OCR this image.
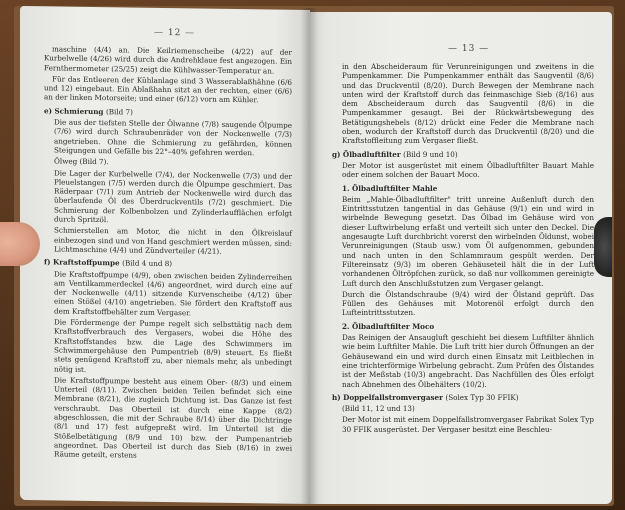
— 12 —

maschine (4/4) an. Die Keilriemenscheibe (4/22) auf der Kurbelwelle (4/26) wird durch die Andrehklaue fest angezogen. Ein Fernthermometer (25/25) zeigt die Kühlwasser-Temperatur an.

Für das Entleeren der Kühlanlage sind 3 Wasserablaßhähne (6/6 und 12) eingebaut. Ein Ablaßhahn sitzt an der rechten, einer (6/6) an der linken Motorseite; und einer (6/12) vorn am Kühler.

e) Schmierung (Bild 7)

Die aus der tiefsten Stelle der Ölwanne (7/8) saugende Ölpumpe (7/6) wird durch Schraubenräder von der Nockenwelle (7/3) angetrieben. Ohne die Schmierung zu gefährden, können Steigungen und Gefälle bis 22°–40% gefahren werden.

Ölweg (Bild 7).

Die Lager der Kurbelwelle (7/4), der Nockenwelle (7/3) und der Pleuelstangen (7/5) werden durch die Ölpumpe geschmiert. Das Räderpaar (7/1) zum Antrieb der Nockenwelle wird durch das überlaufende Öl des Überdruckventils (7/2) geschmiert. Die Schmierung der Kolbenbolzen und Zylinderlaufflächen erfolgt durch Spritzöl.

Schmierstellen am Motor, die nicht in den Ölkreislauf einbezogen sind und von Hand geschmiert werden müssen, sind: Lichtmaschine (4/4) und Zündverteiler (4/21).

f) Kraftstoffpumpe (Bild 4 und 8)

Die Kraftstoffpumpe (4/9), oben zwischen beiden Zylinderreihen am Ventilkammerdeckel (4/6) angeordnet, wird durch eine auf der Nockenwelle (4/11) sitzende Kurvenscheibe (4/12) über einen Stößel (4/10) angetrieben. Sie fördert den Kraftstoff aus dem Kraftstoffbehälter zum Vergaser.

Die Fördermenge der Pumpe regelt sich selbsttätig nach dem Kraftstoffverbrauch des Vergasers, wobei die Höhe des Kraftstoffstandes bzw. die Lage des Schwimmers im Schwimmergehäuse den Pumpentrieb (8/9) steuert. Es fließt stets genügend Kraftstoff zu, aber niemals mehr, als unbedingt nötig ist.

Die Kraftstoffpumpe besteht aus einem Ober- (8/3) und einem Unterteil (8/11). Zwischen beiden Teilen befindet sich eine Membrane (8/21), die zugleich Dichtung ist. Das Ganze ist fest verschraubt. Das Oberteil ist durch eine Kappe (8/2) abgeschlossen, die mit der Schraube 8/14) über die Dichtringe (8/1 und 17) fest aufgepreßt wird. Im Unterteil ist die Stößelbetätigung (8/9 und 10) bzw. der Pumpenantrieb angeordnet. Das Oberteil ist durch das Sieb (8/16) in zwei Räume geteilt, erstens

— 13 —

in den Abscheideraum für Verunreinigungen und zweitens in die Pumpenkammer. Die Pumpenkammer enthält das Saugventil (8/6) und das Druckventil (8/20). Durch Bewegen der Membrane nach unten wird der Kraftstoff durch das feinmaschige Sieb (8/16) aus dem Abscheideraum durch das Saugventil (8/6) in die Pumpenkammer gesaugt. Bei der Rückwärtsbewegung des Betätigungshebels (8/12) drückt eine Feder die Membrane nach oben, wodurch der Kraftstoff durch das Druckventil (8/20) und die Kraftstoffleitung zum Vergaser fließt.

g) Ölbadluftfilter (Bild 9 und 10)

Der Motor ist ausgerüstet mit einem Ölbadluftfilter Bauart Mahle oder einem solchen der Bauart Moco.

1. Ölbadluftfilter Mahle

Beim „Mahle-Ölbadluftfilter" tritt unreine Außenluft durch den Eintrittsstutzen tangential in das Gehäuse (9/1) ein und wird in wirbelnde Bewegung gesetzt. Das Ölbad im Gehäuse wird von dieser Luftwirbelung erfaßt und verteilt sich unter den Deckel. Die angesaugte Luft durchbricht vorerst den wirbelnden Öldunst, wobei Verunreinigungen (Staub usw.) vom Öl aufgenommen, gebunden und nach unten in den Schlammraum gespült werden. Der Filtereinsatz (9/3) im oberen Gehäuseteil hält die in der Luft vorhandenen Öltröpfchen zurück, so daß nur vollkommen gereinigte Luft durch den Anschlußstutzen zum Vergaser gelangt.

Durch die Ölstandschraube (9/4) wird der Ölstand geprüft. Das Füllen des Gehäuses mit Motorenöl erfolgt durch den Lufteintrittsstutzen.

2. Ölbadluftfilter Moco

Das Reinigen der Ansaugluft geschieht bei diesem Luftfilter ähnlich wie beim Luftfilter Mahle. Die Luft tritt hier durch Öffnungen an der Gehäusewand ein und wird durch einen Einsatz mit Leitblechen in eine trichterförmige Wirbelung gebracht. Zum Prüfen des Ölstandes ist der Meßstab (10/3) angebracht. Das Nachfüllen des Öles erfolgt nach Abnehmen des Ölbehälters (10/2).

h) Doppelfallstromvergaser (Solex Typ 30 FFIK)

(Bild 11, 12 und 13)

Der Motor ist mit einem Doppelfallstromvergaser Fabrikat Solex Typ 30 FFIK ausgerüstet. Der Vergaser besitzt eine Beschleu-
